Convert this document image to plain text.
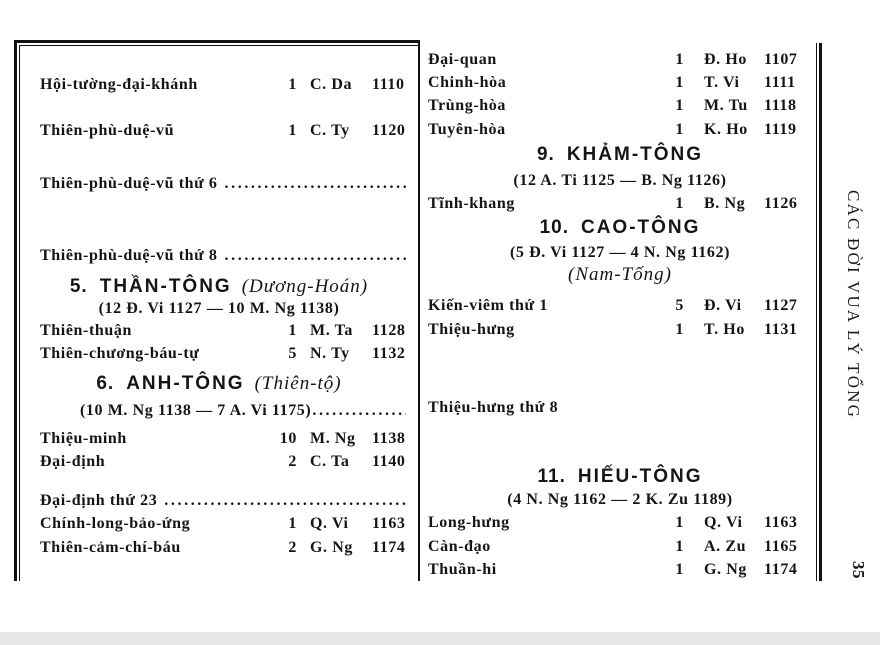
Hội-tường-đại-khánh	1 C. Da 1110
Thiên-phù-duệ-vũ	1 C. Ty 1120
Thiên-phù-duệ-vũ thứ 6
.....
Thiên-phù-duệ-vũ thứ 8
.....
5. THẦN-TÔNG (Dương-Hoán)
(12 Đ. Vi 1127 — 10 M. Ng 1138)
Thiên-thuận	1 M. Ta 1128
Thiên-chương-báu-tự	5 N. Ty 1132
6. ANH-TÔNG (Thiên-tộ)
(10 M. Ng 1138 — 7 A. Vi 1175)
.....
Thiệu-minh	10 M. Ng 1138
Đại-định	2 C. Ta 1140
Đại-định thứ 23
.....
Chính-long-bảo-ứng	1 Q. Vi 1163
Thiên-cảm-chí-báu	2 G. Ng 1174
Đại-quan	1 Đ. Ho 1107
Chinh-hòa	1 T. Vi 1111
Trùng-hòa	1 M. Tu 1118
Tuyên-hòa	1 K. Ho 1119
9. KHẢM-TÔNG
(12 A. Ti 1125 — B. Ng 1126)
Tĩnh-khang	1 B. Ng 1126
10. CAO-TÔNG
(5 Đ. Vi 1127 — 4 N. Ng 1162)
(Nam-Tống)
Kiến-viêm thứ 1	5 Đ. Vi 1127
Thiệu-hưng	1 T. Ho 1131
Thiệu-hưng thứ 8
11. HIẾU-TÔNG
(4 N. Ng 1162 — 2 K. Zu 1189)
Long-hưng	1 Q. Vi 1163
Càn-đạo	1 A. Zu 1165
Thuần-hi	1 G. Ng 1174
CÁC ĐỜI VUA LÝ TỔNG
35
